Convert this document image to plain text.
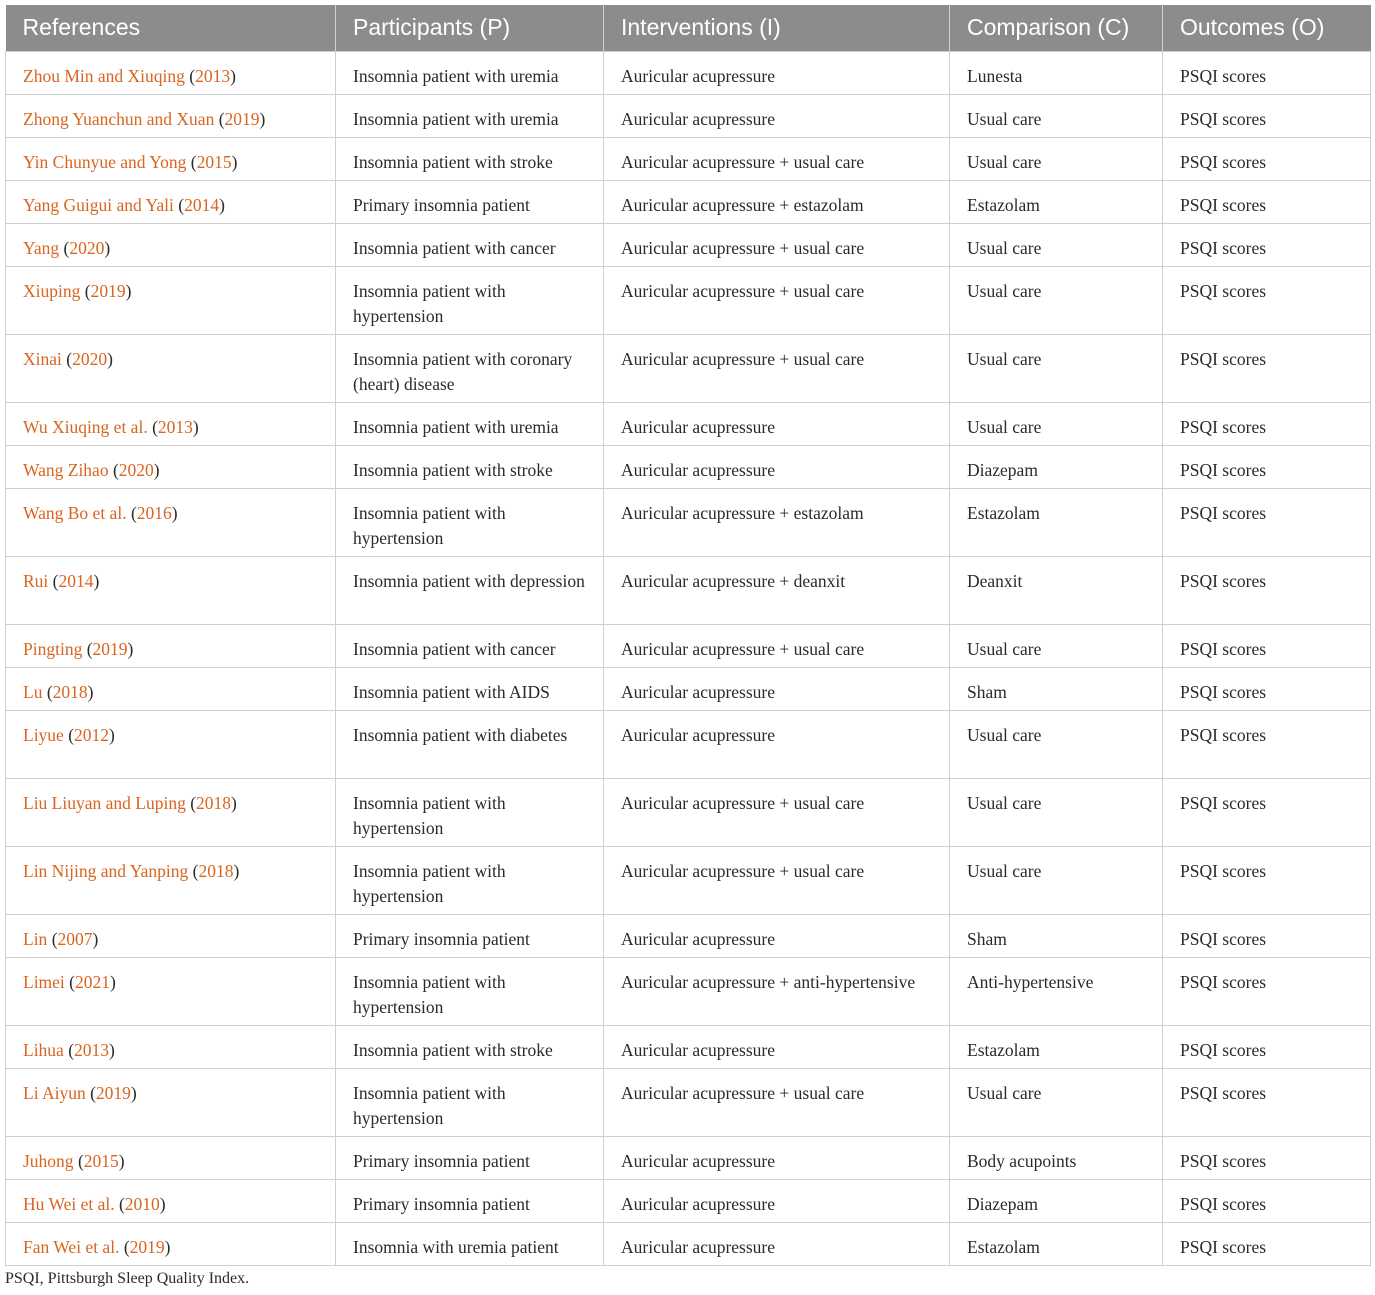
References	Participants (P)	Interventions (I)	Comparison (C)	Outcomes (O)
Zhou Min and Xiuqing (2013)	Insomnia patient with uremia	Auricular acupressure	Lunesta	PSQI scores
Zhong Yuanchun and Xuan (2019)	Insomnia patient with uremia	Auricular acupressure	Usual care	PSQI scores
Yin Chunyue and Yong (2015)	Insomnia patient with stroke	Auricular acupressure + usual care	Usual care	PSQI scores
Yang Guigui and Yali (2014)	Primary insomnia patient	Auricular acupressure + estazolam	Estazolam	PSQI scores
Yang (2020)	Insomnia patient with cancer	Auricular acupressure + usual care	Usual care	PSQI scores
Xiuping (2019)	Insomnia patient with hypertension	Auricular acupressure + usual care	Usual care	PSQI scores
Xinai (2020)	Insomnia patient with coronary (heart) disease	Auricular acupressure + usual care	Usual care	PSQI scores
Wu Xiuqing et al. (2013)	Insomnia patient with uremia	Auricular acupressure	Usual care	PSQI scores
Wang Zihao (2020)	Insomnia patient with stroke	Auricular acupressure	Diazepam	PSQI scores
Wang Bo et al. (2016)	Insomnia patient with hypertension	Auricular acupressure + estazolam	Estazolam	PSQI scores
Rui (2014)	Insomnia patient with depression	Auricular acupressure + deanxit	Deanxit	PSQI scores
Pingting (2019)	Insomnia patient with cancer	Auricular acupressure + usual care	Usual care	PSQI scores
Lu (2018)	Insomnia patient with AIDS	Auricular acupressure	Sham	PSQI scores
Liyue (2012)	Insomnia patient with diabetes	Auricular acupressure	Usual care	PSQI scores
Liu Liuyan and Luping (2018)	Insomnia patient with hypertension	Auricular acupressure + usual care	Usual care	PSQI scores
Lin Nijing and Yanping (2018)	Insomnia patient with hypertension	Auricular acupressure + usual care	Usual care	PSQI scores
Lin (2007)	Primary insomnia patient	Auricular acupressure	Sham	PSQI scores
Limei (2021)	Insomnia patient with hypertension	Auricular acupressure + anti-hypertensive	Anti-hypertensive	PSQI scores
Lihua (2013)	Insomnia patient with stroke	Auricular acupressure	Estazolam	PSQI scores
Li Aiyun (2019)	Insomnia patient with hypertension	Auricular acupressure + usual care	Usual care	PSQI scores
Juhong (2015)	Primary insomnia patient	Auricular acupressure	Body acupoints	PSQI scores
Hu Wei et al. (2010)	Primary insomnia patient	Auricular acupressure	Diazepam	PSQI scores
Fan Wei et al. (2019)	Insomnia with uremia patient	Auricular acupressure	Estazolam	PSQI scores
PSQI, Pittsburgh Sleep Quality Index.
